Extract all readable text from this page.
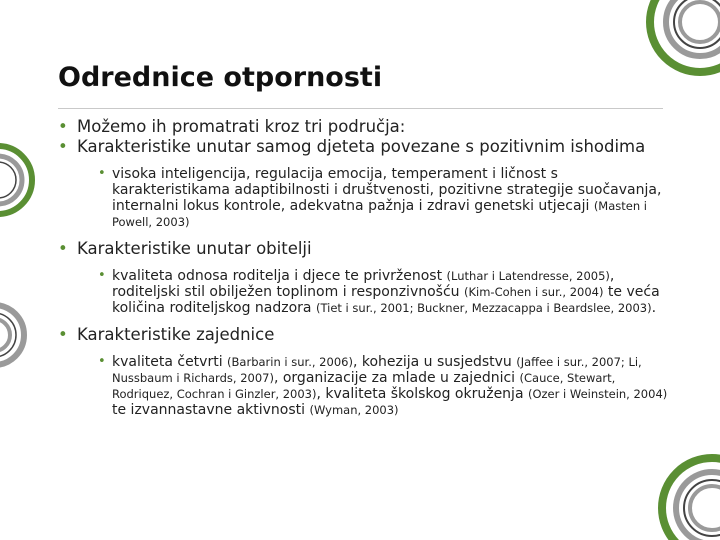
Odrednice otpornosti
• Možemo ih promatrati kroz tri područja:
• Karakteristike unutar samog djeteta povezane s pozitivnim ishodima
• visoka inteligencija, regulacija emocija, temperament i ličnost s karakteristikama adaptibilnosti i društvenosti, pozitivne strategije suočavanja, internalni lokus kontrole, adekvatna pažnja i zdravi genetski utjecaji (Masten i Powell, 2003)
• Karakteristike unutar obitelji
• kvaliteta odnosa roditelja i djece te privrženost (Luthar i Latendresse, 2005), roditeljski stil obilježen toplinom i responzivnošću (Kim-Cohen i sur., 2004) te veća količina roditeljskog nadzora (Tiet i sur., 2001; Buckner, Mezzacappa i Beardslee, 2003).
• Karakteristike zajednice
• kvaliteta četvrti (Barbarin i sur., 2006), kohezija u susjedstvu (Jaffee i sur., 2007; Li, Nussbaum i Richards, 2007), organizacije za mlade u zajednici (Cauce, Stewart, Rodriquez, Cochran i Ginzler, 2003), kvaliteta školskog okruženja (Ozer i Weinstein, 2004) te izvannastavne aktivnosti (Wyman, 2003)
